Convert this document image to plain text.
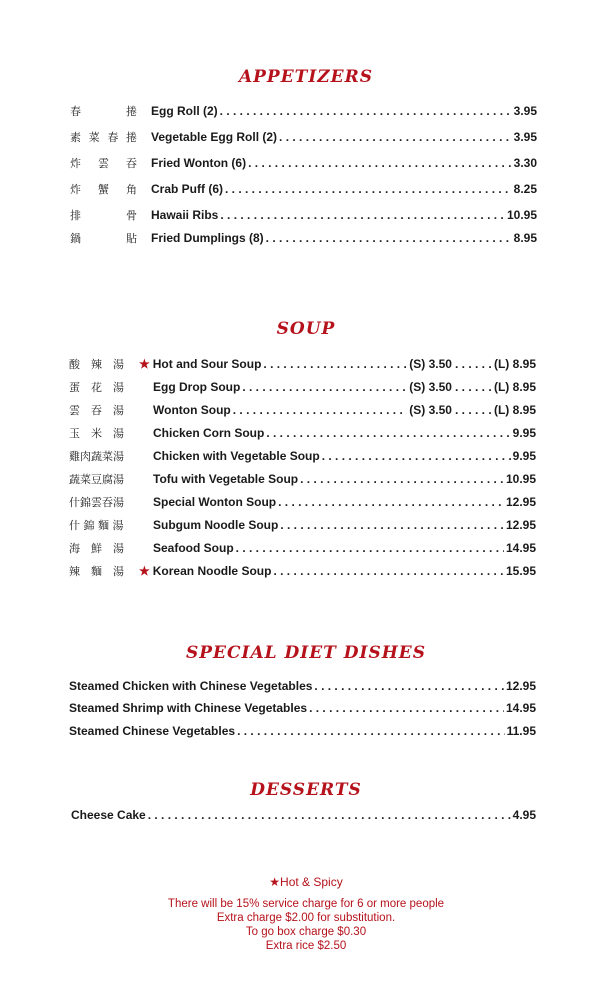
APPETIZERS
春	捲 Egg Roll (2) . . .	3.95
素 菜 春 捲 Vegetable Egg Roll (2) . . .	3.95
炸 雲 吞 Fried Wonton (6) . . .	3.30
炸 蟹 角 Crab Puff (6) . . .	8.25
排	骨 Hawaii Ribs . . .	10.95
鍋	貼 Fried Dumplings (8) . . .	8.95
SOUP
酸　辣　湯	★ Hot and Sour Soup . . .	(S) 3.50 . . .	(L) 8.95
蛋　花　湯	Egg Drop Soup . . .	(S) 3.50 . . .	(L) 8.95
雲　吞　湯	Wonton Soup . . .	(S) 3.50 . . .	(L) 8.95
玉　米　湯	Chicken Corn Soup . . .	9.95
雞肉蔬菜湯	Chicken with Vegetable Soup . . .	9.95
蔬菜豆腐湯	Tofu with Vegetable Soup . . .	10.95
什錦雲吞湯	Special Wonton Soup . . .	12.95
什 錦 麵 湯	Subgum Noodle Soup . . .	12.95
海　鮮　湯	Seafood Soup . . .	14.95
辣　麵　湯	★ Korean Noodle Soup . . .	15.95
SPECIAL DIET DISHES
Steamed Chicken with Chinese Vegetables . . .	12.95
Steamed Shrimp with Chinese Vegetables . . .	14.95
Steamed Chinese Vegetables . . .	11.95
DESSERTS
Cheese Cake . . .	4.95
★Hot & Spicy
There will be 15% service charge for 6 or more people
Extra charge $2.00 for substitution.
To go box charge $0.30
Extra rice $2.50
